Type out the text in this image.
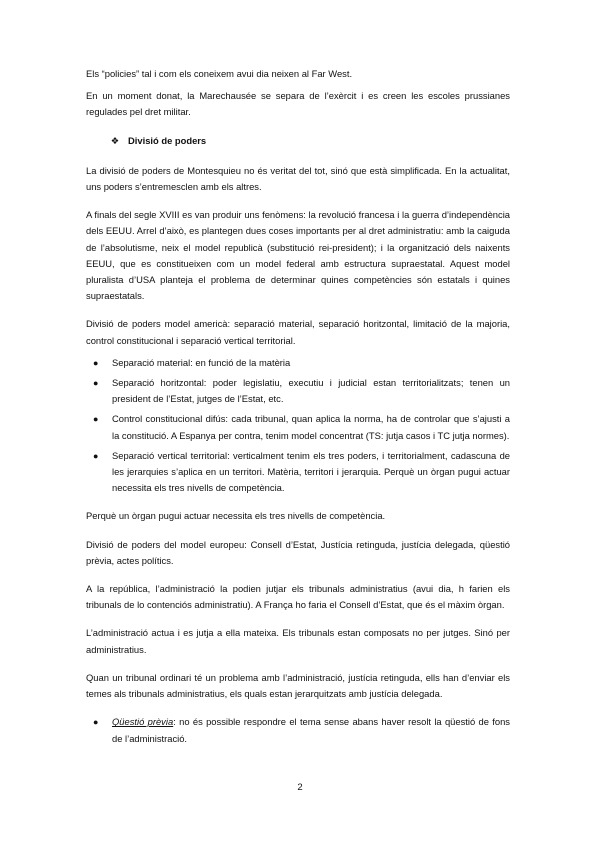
Els “policies” tal i com els coneixem avui dia neixen al Far West.

En un moment donat, la Marechausée se separa de l’exèrcit i es creen les escoles prussianes regulades pel dret militar.

❖ Divisió de poders

La divisió de poders de Montesquieu no és veritat del tot, sinó que està simplificada. En la actualitat, uns poders s’entremesclen amb els altres.

A finals del segle XVIII es van produir uns fenòmens: la revolució francesa i la guerra d’independència dels EEUU. Arrel d’això, es plantegen dues coses importants per al dret administratiu: amb la caiguda de l’absolutisme, neix el model republicà (substitució rei-president); i la organització dels naixents EEUU, que es constitueixen com un model federal amb estructura supraestatal. Aquest model pluralista d’USA planteja el problema de determinar quines competències són estatals i quines supraestatals.

Divisió de poders model americà: separació material, separació horitzontal, limitació de la majoria, control constitucional i separació vertical territorial.

● Separació material: en funció de la matèria
● Separació horitzontal: poder legislatiu, executiu i judicial estan territorialitzats; tenen un president de l’Estat, jutges de l’Estat, etc.
● Control constitucional difús: cada tribunal, quan aplica la norma, ha de controlar que s’ajusti a la constitució. A Espanya per contra, tenim model concentrat (TS: jutja casos i TC jutja normes).
● Separació vertical territorial: verticalment tenim els tres poders, i territorialment, cadascuna de les jerarquies s’aplica en un territori. Matèria, territori i jerarquia. Perquè un òrgan pugui actuar necessita els tres nivells de competència.

Perquè un òrgan pugui actuar necessita els tres nivells de competència.

Divisió de poders del model europeu: Consell d’Estat, Justícia retinguda, justícia delegada, qüestió prèvia, actes polítics.

A la república, l’administració la podien jutjar els tribunals administratius (avui dia, h farien els tribunals de lo contenciós administratiu). A França ho faria el Consell d’Estat, que és el màxim òrgan.

L’administració actua i es jutja a ella mateixa. Els tribunals estan composats no per jutges. Sinó per administratius.

Quan un tribunal ordinari té un problema amb l’administració, justícia retinguda, ells han d’enviar els temes als tribunals administratius, els quals estan jerarquitzats amb justícia delegada.

● Qüestió prèvia: no és possible respondre el tema sense abans haver resolt la qüestió de fons de l’administració.
2
